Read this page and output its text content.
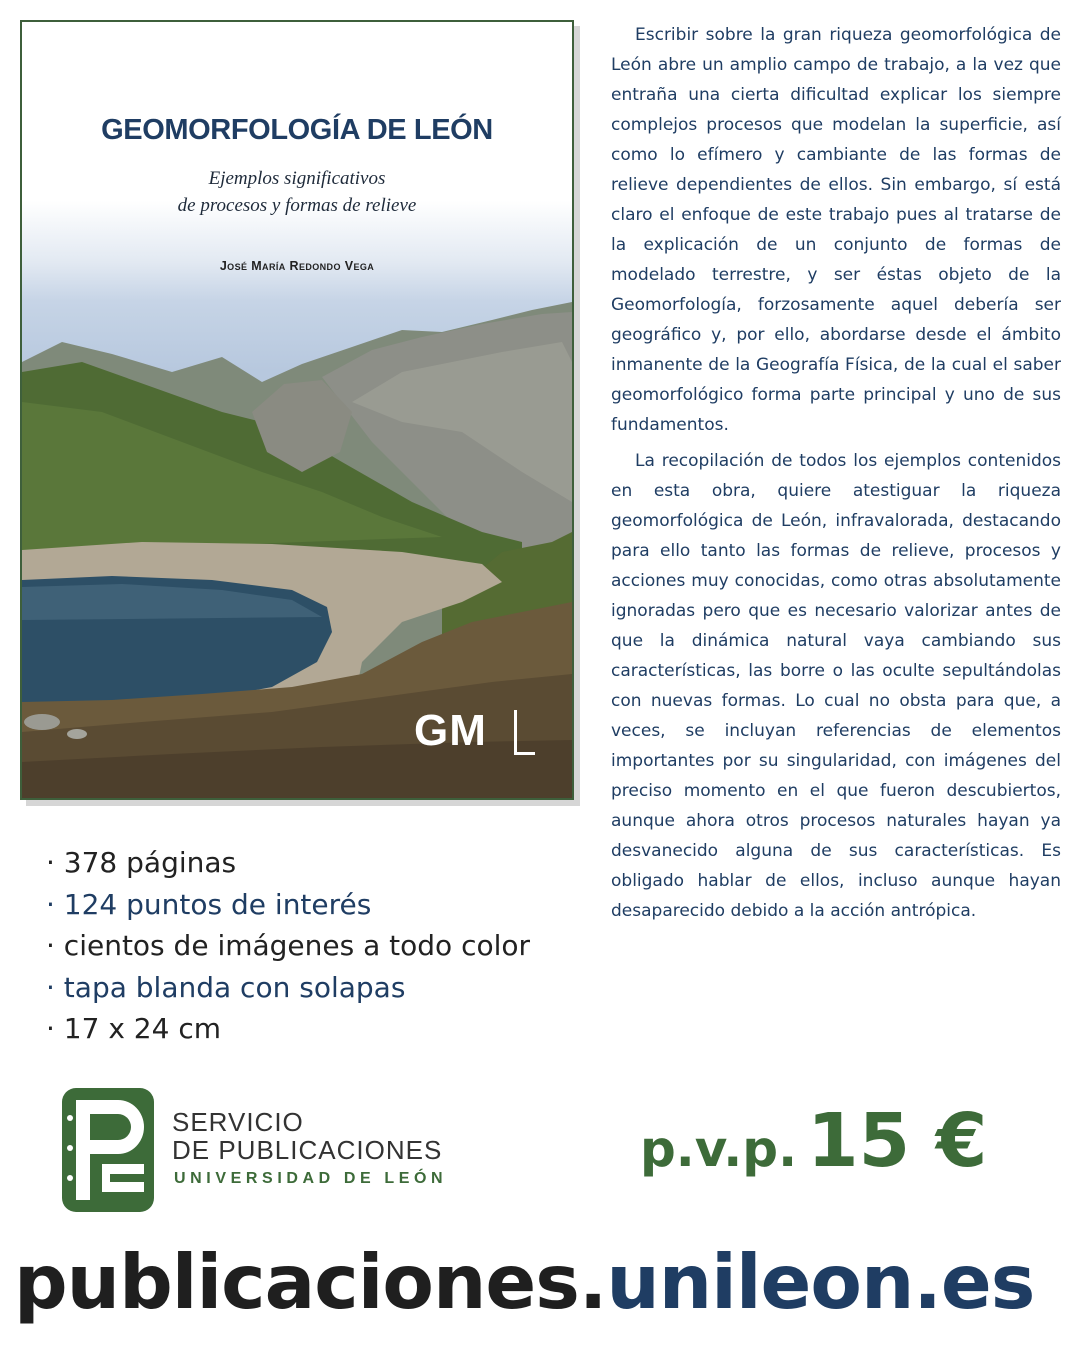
GEOMORFOLOGÍA DE LEÓN
Ejemplos significativos
de procesos y formas de relieve
José María Redondo Vega
GM

Escribir sobre la gran riqueza geomorfológica de León abre un amplio campo de trabajo, a la vez que entraña una cierta dificultad explicar los siempre complejos procesos que modelan la superficie, así como lo efímero y cambiante de las formas de relieve dependientes de ellos. Sin embargo, sí está claro el enfoque de este trabajo pues al tratarse de la explicación de un conjunto de formas de modelado terrestre, y ser éstas objeto de la Geomorfología, forzosamente aquel debería ser geográfico y, por ello, abordarse desde el ámbito inmanente de la Geografía Física, de la cual el saber geomorfológico forma parte principal y uno de sus fundamentos.

La recopilación de todos los ejemplos contenidos en esta obra, quiere atestiguar la riqueza geomorfológica de León, infravalorada, destacando para ello tanto las formas de relieve, procesos y acciones muy conocidas, como otras absolutamente ignoradas pero que es necesario valorizar antes de que la dinámica natural vaya cambiando sus características, las borre o las oculte sepultándolas con nuevas formas. Lo cual no obsta para que, a veces, se incluyan referencias de elementos importantes por su singularidad, con imágenes del preciso momento en el que fueron descubiertos, aunque ahora otros procesos naturales hayan ya desvanecido alguna de sus características. Es obligado hablar de ellos, incluso aunque hayan desaparecido debido a la acción antrópica.

· 378 páginas
· 124 puntos de interés
· cientos de imágenes a todo color
· tapa blanda con solapas
· 17 x 24 cm
SERVICIO
DE PUBLICACIONES
UNIVERSIDAD DE LEÓN
p.v.p. 15 €
publicaciones.unileon.es
